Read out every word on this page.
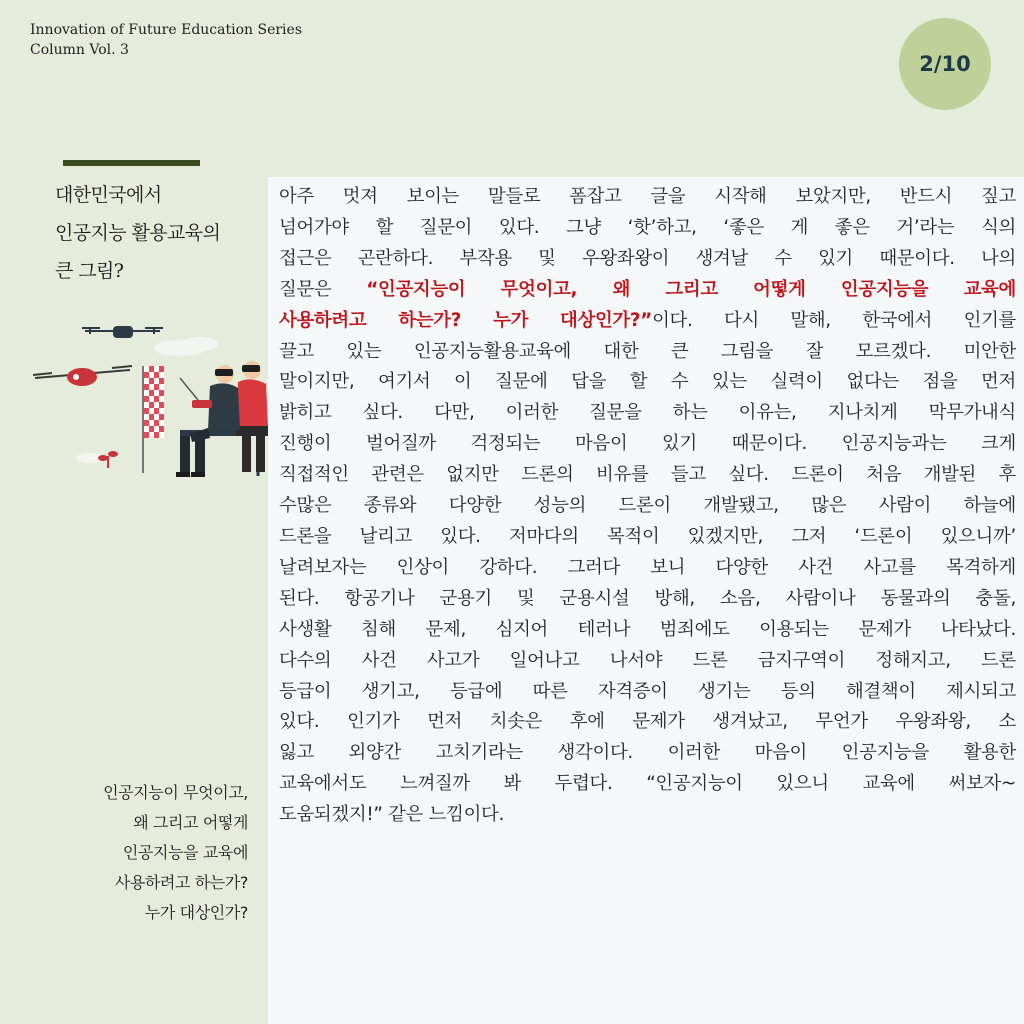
Innovation of Future Education Series
Column Vol. 3
2/10
대한민국에서
인공지능 활용교육의
큰 그림?
인공지능이 무엇이고,
왜 그리고 어떻게
인공지능을 교육에
사용하려고 하는가?
누가 대상인가?
아주 멋져 보이는 말들로 폼잡고 글을 시작해 보았지만, 반드시 짚고
넘어가야 할 질문이 있다. 그냥 ‘핫’하고, ‘좋은 게 좋은 거’라는 식의
접근은 곤란하다. 부작용 및 우왕좌왕이 생겨날 수 있기 때문이다. 나의
질문은 “인공지능이 무엇이고, 왜 그리고 어떻게 인공지능을 교육에
사용하려고 하는가? 누가 대상인가?”이다. 다시 말해, 한국에서 인기를
끌고 있는 인공지능활용교육에 대한 큰 그림을 잘 모르겠다. 미안한
말이지만, 여기서 이 질문에 답을 할 수 있는 실력이 없다는 점을 먼저
밝히고 싶다. 다만, 이러한 질문을 하는 이유는, 지나치게 막무가내식
진행이 벌어질까 걱정되는 마음이 있기 때문이다. 인공지능과는 크게
직접적인 관련은 없지만 드론의 비유를 들고 싶다. 드론이 처음 개발된 후
수많은 종류와 다양한 성능의 드론이 개발됐고, 많은 사람이 하늘에
드론을 날리고 있다. 저마다의 목적이 있겠지만, 그저 ‘드론이 있으니까’
날려보자는 인상이 강하다. 그러다 보니 다양한 사건 사고를 목격하게
된다. 항공기나 군용기 및 군용시설 방해, 소음, 사람이나 동물과의 충돌,
사생활 침해 문제, 심지어 테러나 범죄에도 이용되는 문제가 나타났다.
다수의 사건 사고가 일어나고 나서야 드론 금지구역이 정해지고, 드론
등급이 생기고, 등급에 따른 자격증이 생기는 등의 해결책이 제시되고
있다. 인기가 먼저 치솟은 후에 문제가 생겨났고, 무언가 우왕좌왕, 소
잃고 외양간 고치기라는 생각이다. 이러한 마음이 인공지능을 활용한
교육에서도 느껴질까 봐 두렵다. “인공지능이 있으니 교육에 써보자~
도움되겠지!” 같은 느낌이다.
